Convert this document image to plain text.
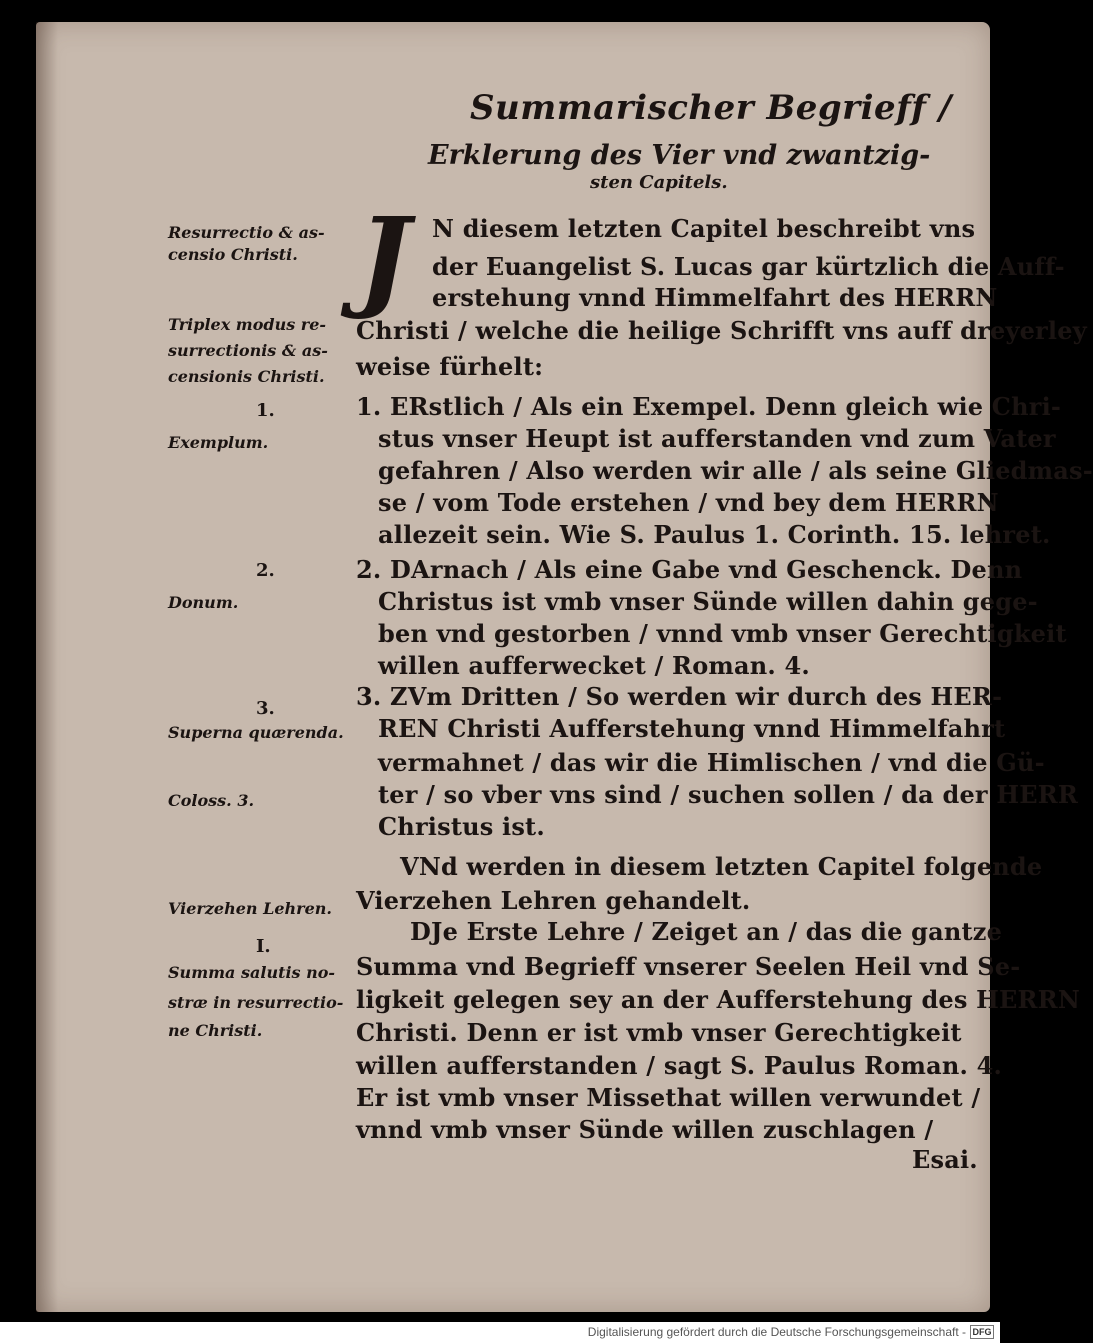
Summarischer Begrieff /
Erklerung des Vier vnd zwantzig-
sten Capitels.
J N diesem letzten Capitel beschreibt vns
der Euangelist S. Lucas gar kürtzlich die Auff-
erstehung vnnd Himmelfahrt des HERRN
Christi / welche die heilige Schrifft vns auff dreyerley
weise fürhelt:
1. ERstlich / Als ein Exempel. Denn gleich wie Chri-
stus vnser Heupt ist aufferstanden vnd zum Vater
gefahren / Also werden wir alle / als seine Gliedmas-
se / vom Tode erstehen / vnd bey dem HERRN
allezeit sein. Wie S. Paulus 1. Corinth. 15. lehret.
2. DArnach / Als eine Gabe vnd Geschenck. Denn
Christus ist vmb vnser Sünde willen dahin gege-
ben vnd gestorben / vnnd vmb vnser Gerechtigkeit
willen aufferwecket / Roman. 4.
3. ZVm Dritten / So werden wir durch des HER-
REN Christi Aufferstehung vnnd Himmelfahrt
vermahnet / das wir die Himlischen / vnd die Gü-
ter / so vber vns sind / suchen sollen / da der HERR
Christus ist.
VNd werden in diesem letzten Capitel folgende
Vierzehen Lehren gehandelt.
DJe Erste Lehre / Zeiget an / das die gantze
Summa vnd Begrieff vnserer Seelen Heil vnd Se-
ligkeit gelegen sey an der Aufferstehung des HERRN
Christi. Denn er ist vmb vnser Gerechtigkeit
willen aufferstanden / sagt S. Paulus Roman. 4.
Er ist vmb vnser Missethat willen verwundet /
vnnd vmb vnser Sünde willen zuschlagen /
Esai.
Resurrectio & as-
censio Christi.
Triplex modus re-
surrectionis & as-
censionis Christi.
1.
Exemplum.
2.
Donum.
3.
Superna quærenda.
Coloss. 3.
Vierzehen Lehren.
I.
Summa salutis no-
stræ in resurrectio-
ne Christi.
Digitalisierung gefördert durch die Deutsche Forschungsgemeinschaft - DFG
